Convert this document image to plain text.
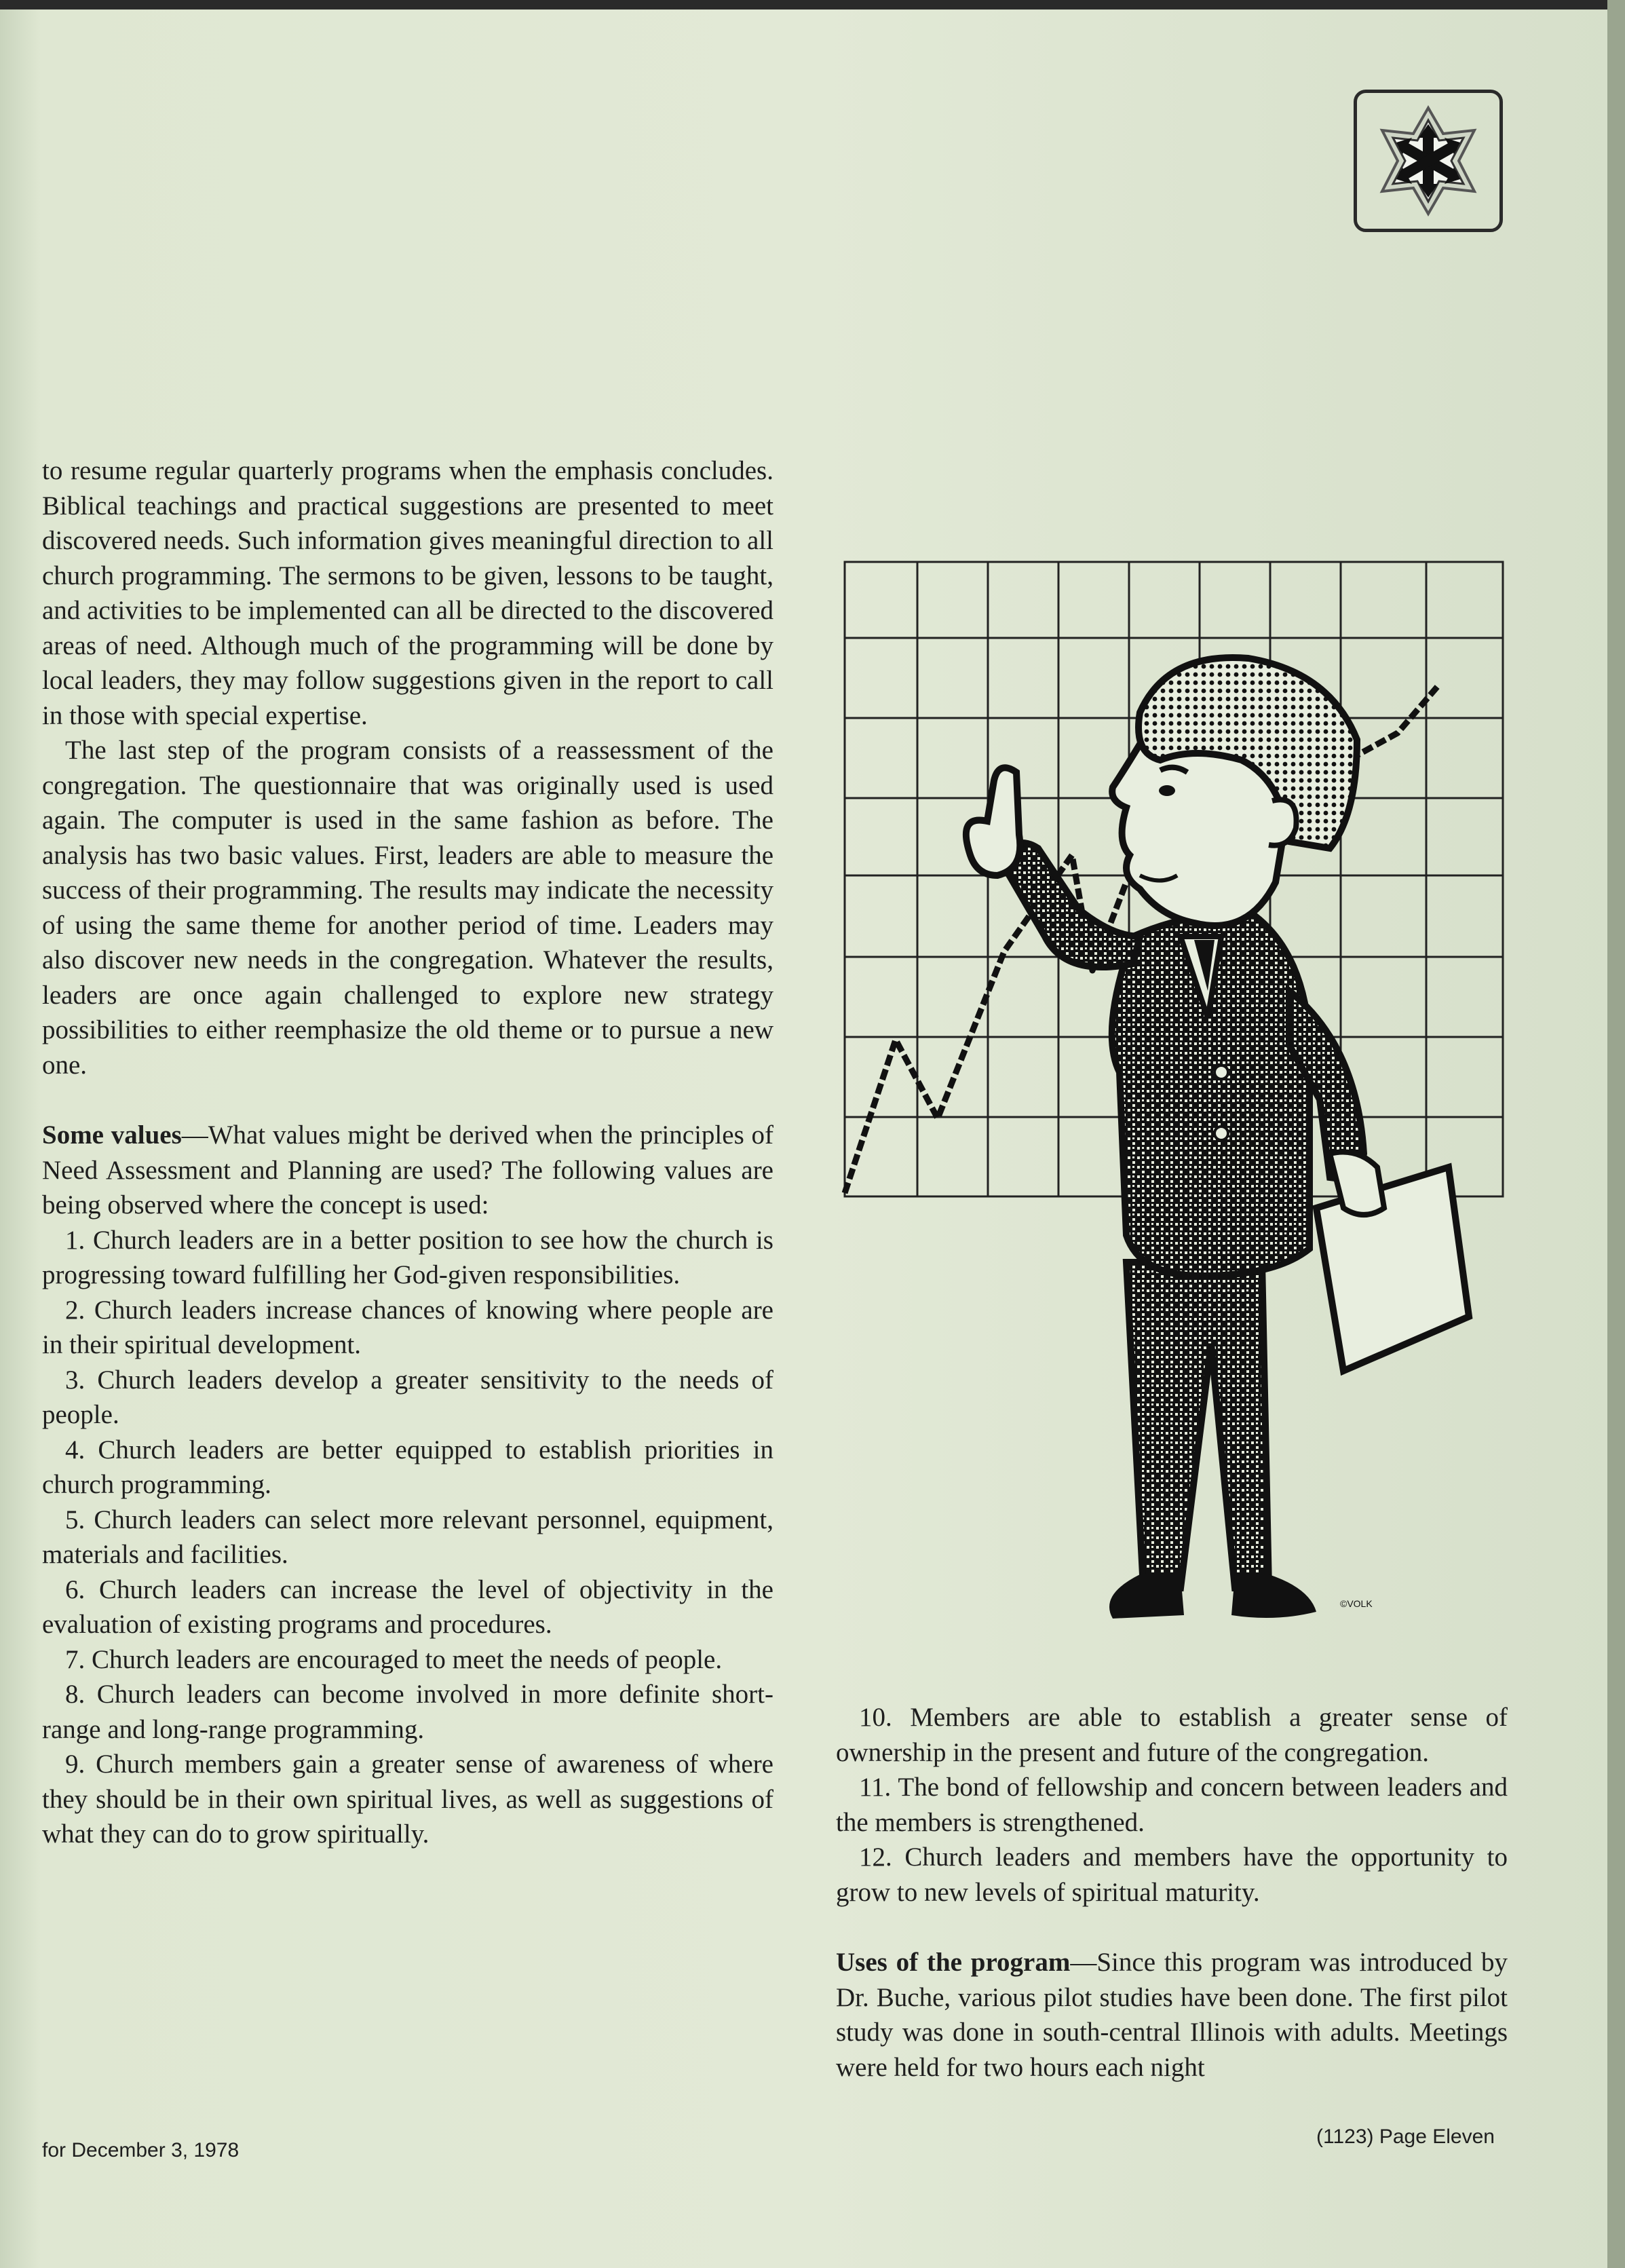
to resume regular quarterly programs when the emphasis concludes. Biblical teachings and practical suggestions are presented to meet discovered needs. Such information gives meaningful direction to all church programming. The sermons to be given, lessons to be taught, and activities to be implemented can all be directed to the discovered areas of need. Although much of the programming will be done by local leaders, they may follow suggestions given in the report to call in those with special expertise.

The last step of the program consists of a reassessment of the congregation. The questionnaire that was originally used is used again. The computer is used in the same fashion as before. The analysis has two basic values. First, leaders are able to measure the success of their programming. The results may indicate the necessity of using the same theme for another period of time. Leaders may also discover new needs in the congregation. Whatever the results, leaders are once again challenged to explore new strategy possibilities to either reemphasize the old theme or to pursue a new one.

Some values—What values might be derived when the principles of Need Assessment and Planning are used? The following values are being observed where the concept is used:

1. Church leaders are in a better position to see how the church is progressing toward fulfilling her God-given responsibilities.

2. Church leaders increase chances of knowing where people are in their spiritual development.

3. Church leaders develop a greater sensitivity to the needs of people.

4. Church leaders are better equipped to establish priorities in church programming.

5. Church leaders can select more relevant personnel, equipment, materials and facilities.

6. Church leaders can increase the level of objectivity in the evaluation of existing programs and procedures.

7. Church leaders are encouraged to meet the needs of people.

8. Church leaders can become involved in more definite short-range and long-range programming.

9. Church members gain a greater sense of awareness of where they should be in their own spiritual lives, as well as suggestions of what they can do to grow spiritually.

©VOLK

10. Members are able to establish a greater sense of ownership in the present and future of the congregation.

11. The bond of fellowship and concern between leaders and the members is strengthened.

12. Church leaders and members have the opportunity to grow to new levels of spiritual maturity.

Uses of the program—Since this program was introduced by Dr. Buche, various pilot studies have been done. The first pilot study was done in south-central Illinois with adults. Meetings were held for two hours each night

for December 3, 1978
(1123) Page Eleven
